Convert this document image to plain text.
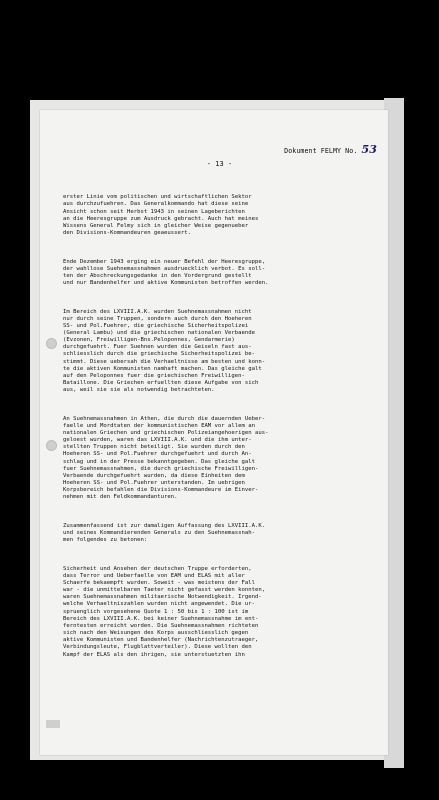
Dokument FELMY No. 53
- 13 -

erster Linie vom politischen und wirtschaftlichen Sektor
aus durchzufuehren. Das Generalkommando hat diese seine
Ansicht schon seit Herbst 1943 in seinen Lageberichten
an die Heeresgruppe zum Ausdruck gebracht. Auch hat meines
Wissens General Felmy sich in gleicher Weise gegenueber
den Divisions-Kommandeuren geaeussert.

Ende Dezember 1943 erging ein neuer Befehl der Heeresgruppe,
der wahllose Suehnemassnahmen ausdruecklich verbot. Es soll-
ten der Abschreckungsgedanke in den Vordergrund gestellt
und nur Bandenhelfer und aktive Kommunisten betroffen werden.

Im Bereich des LXVIII.A.K. wurden Suehnemassnahmen nicht
nur durch seine Truppen, sondern auch durch den Hoeheren
SS- und Pol.Fuehrer, die griechische Sicherheitspolizei
(General Lambu) und die griechischen nationalen Verbaende
(Evzonen, Freiwilligen-Bns.Peloponnes, Gendarmerie)
durchgefuehrt. Fuer Suehnen wurden die Geiseln fast aus-
schliesslich durch die griechische Sicherheitspolizei be-
stimmt. Diese uebersah die Verhaeltnisse am besten und konn-
te die aktiven Kommunisten namhaft machen. Das gleiche galt
auf den Peloponnes fuer die griechischen Freiwilligen-
Bataillone. Die Griechen erfuellten diese Aufgabe von sich
aus, weil sie sie als notwendig betrachteten.

An Suehnemassnahmen in Athen, die durch die dauernden Ueber-
faelle und Mordtaten der kommunistischen EAM vor allem an
nationalen Griechen und griechischen Polizeiangehoerigen aus-
geloest wurden, waren das LXVIII.A.K. und die ihm unter-
stellten Truppen nicht beteiligt. Sie wurden durch den
Hoeheren SS- und Pol.Fuehrer durchgefuehrt und durch An-
schlag und in der Presse bekanntgegeben. Das gleiche galt
fuer Suehnemassnahmen, die durch griechische Freiwilligen-
Verbaende durchgefuehrt wurden, da diese Einheiten dem
Hoeheren SS- und Pol.Fuehrer unterstanden. Im uebrigen
Korpsbereich befahlen die Divisions-Kommandeure im Einver-
nehmen mit den Feldkommandanturen.

Zusammenfassend ist zur damaligen Auffassung des LXVIII.A.K.
und seines Kommandierenden Generals zu den Suehnemassnah-
men folgendes zu betonen:

Sicherheit und Ansehen der deutschen Truppe erforderten,
dass Terror und Ueberfaelle von EAM und ELAS mit aller
Schaerfe bekaempft wurden. Soweit - was meistens der Fall
war - die unmittelbaren Taeter nicht gefasst werden konnten,
waren Suehnemassnahmen militaerische Notwendigkeit. Irgend-
welche Verhaeltniszahlen wurden nicht angewendet. Die ur-
spruenglich vorgesehene Quote 1 : 50 bis 1 : 100 ist im
Bereich des LXVIII.A.K. bei keiner Suehnemassnahme im ent-
ferntesten erreicht worden. Die Suehnemassnahmen richteten
sich nach den Weisungen des Korps ausschliesslich gegen
aktive Kommunisten und Bandenhelfer (Nachrichtenzutraeger,
Verbindungsleute, Flugblattverteiler). Diese wollten den
Kampf der ELAS als den ihrigen, sie unterstuetzten ihn
